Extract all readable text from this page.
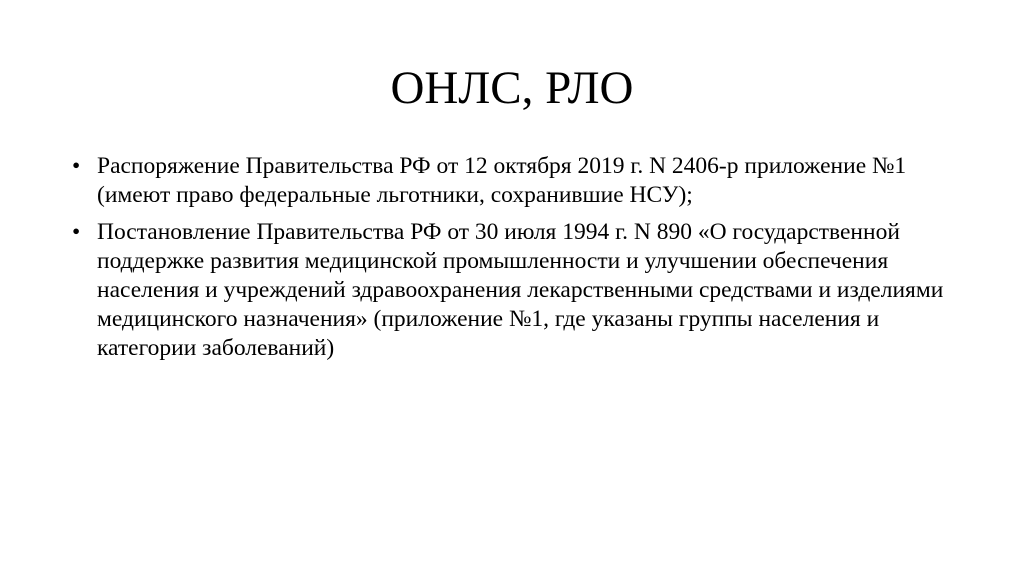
ОНЛС, РЛО
• Распоряжение Правительства РФ от 12 октября 2019 г. N 2406-р приложение №1 (имеют право федеральные льготники, сохранившие НСУ);
• Постановление Правительства РФ от 30 июля 1994 г. N 890 «О государственной поддержке развития медицинской промышленности и улучшении обеспечения населения и учреждений здравоохранения лекарственными средствами и изделиями медицинского назначения» (приложение №1, где указаны группы населения и категории заболеваний)
